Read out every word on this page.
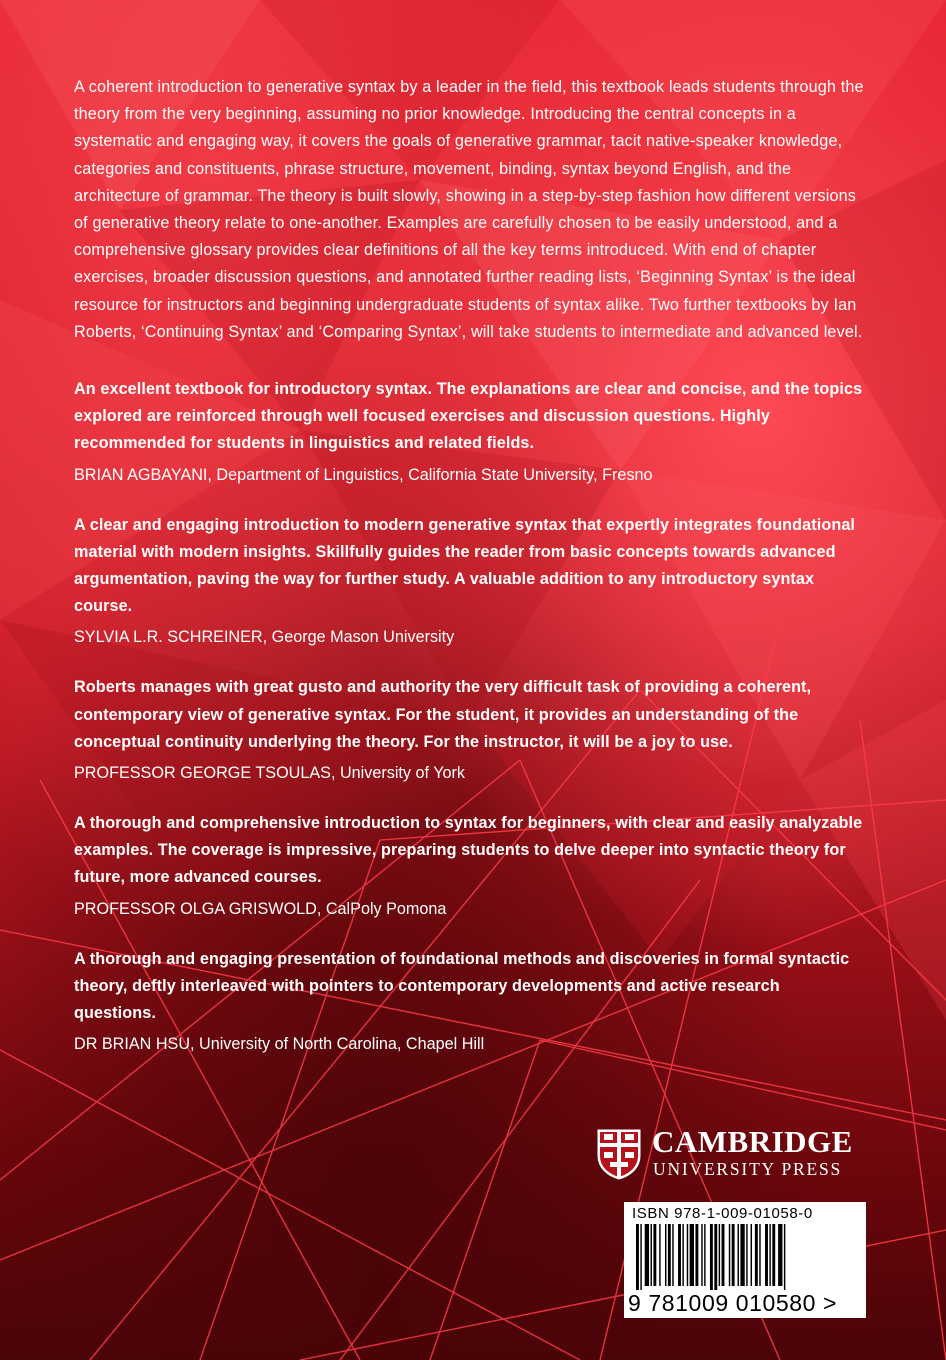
A coherent introduction to generative syntax by a leader in the field, this textbook leads students through the theory from the very beginning, assuming no prior knowledge. Introducing the central concepts in a systematic and engaging way, it covers the goals of generative grammar, tacit native-speaker knowledge, categories and constituents, phrase structure, movement, binding, syntax beyond English, and the architecture of grammar. The theory is built slowly, showing in a step-by-step fashion how different versions of generative theory relate to one-another. Examples are carefully chosen to be easily understood, and a comprehensive glossary provides clear definitions of all the key terms introduced. With end of chapter exercises, broader discussion questions, and annotated further reading lists, ‘Beginning Syntax’ is the ideal resource for instructors and beginning undergraduate students of syntax alike. Two further textbooks by Ian Roberts, ‘Continuing Syntax’ and ‘Comparing Syntax’, will take students to intermediate and advanced level.

An excellent textbook for introductory syntax. The explanations are clear and concise, and the topics explored are reinforced through well focused exercises and discussion questions. Highly recommended for students in linguistics and related fields.

BRIAN AGBAYANI, Department of Linguistics, California State University, Fresno

A clear and engaging introduction to modern generative syntax that expertly integrates foundational material with modern insights. Skillfully guides the reader from basic concepts towards advanced argumentation, paving the way for further study. A valuable addition to any introductory syntax course.

SYLVIA L.R. SCHREINER, George Mason University

Roberts manages with great gusto and authority the very difficult task of providing a coherent, contemporary view of generative syntax. For the student, it provides an understanding of the conceptual continuity underlying the theory. For the instructor, it will be a joy to use.

PROFESSOR GEORGE TSOULAS, University of York

A thorough and comprehensive introduction to syntax for beginners, with clear and easily analyzable examples. The coverage is impressive, preparing students to delve deeper into syntactic theory for future, more advanced courses.

PROFESSOR OLGA GRISWOLD, CalPoly Pomona

A thorough and engaging presentation of foundational methods and discoveries in formal syntactic theory, deftly interleaved with pointers to contemporary developments and active research questions.

DR BRIAN HSU, University of North Carolina, Chapel Hill

CAMBRIDGE
UNIVERSITY PRESS
ISBN 978-1-009-01058-0
9 781009 010580 >
